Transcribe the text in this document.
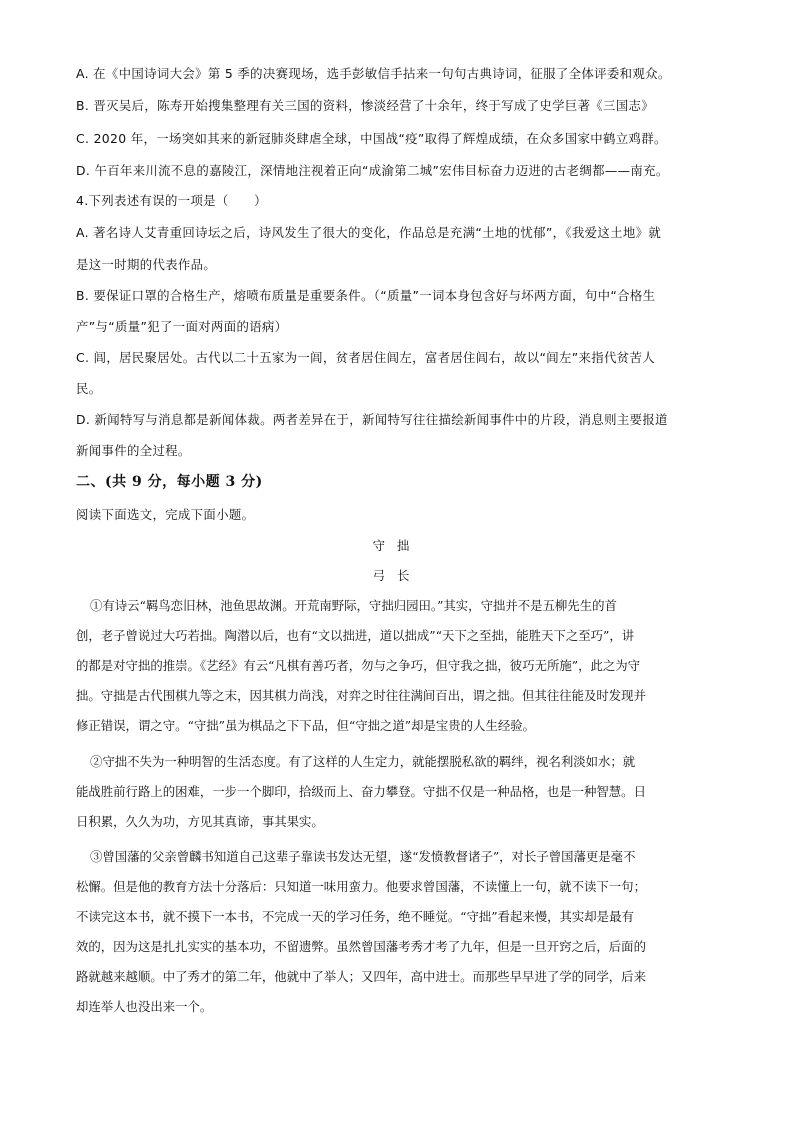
A. 在《中国诗词大会》第 5 季的决赛现场，选手彭敏信手拈来一句句古典诗词，征服了全体评委和观众。
B. 晋灭吴后，陈寿开始搜集整理有关三国的资料，惨淡经营了十余年，终于写成了史学巨著《三国志》
C. 2020 年，一场突如其来的新冠肺炎肆虐全球，中国战“疫”取得了辉煌成绩，在众多国家中鹤立鸡群。
D. 午百年来川流不息的嘉陵江，深情地注视着正向“成渝第二城”宏伟目标奋力迈进的古老绸都——南充。
4.下列表述有误的一项是（　　）
A. 著名诗人艾青重回诗坛之后，诗风发生了很大的变化，作品总是充满“土地的忧郁”，《我爱这土地》就
是这一时期的代表作品。
B. 要保证口罩的合格生产，熔喷布质量是重要条件。（“质量”一词本身包含好与坏两方面，句中“合格生
产”与“质量”犯了一面对两面的语病）
C. 闾，居民聚居处。古代以二十五家为一闾，贫者居住闾左，富者居住闾右，故以“闾左”来指代贫苦人
民。
D. 新闻特写与消息都是新闻体裁。两者差异在于，新闻特写往往描绘新闻事件中的片段，消息则主要报道
新闻事件的全过程。
二、(共 9 分，每小题 3 分)
阅读下面选文，完成下面小题。
守拙
弓长
①有诗云“羁鸟恋旧林，池鱼思故渊。开荒南野际，守拙归园田。”其实，守拙并不是五柳先生的首
创，老子曾说过大巧若拙。陶潜以后，也有“文以拙进，道以拙成”“天下之至拙，能胜天下之至巧”，讲
的都是对守拙的推崇。《艺经》有云“凡棋有善巧者，勿与之争巧，但守我之拙，彼巧无所施”，此之为守
拙。守拙是古代围棋九等之末，因其棋力尚浅，对弈之时往往满间百出，谓之拙。但其往往能及时发现并
修正错误，谓之守。“守拙”虽为棋品之下下品，但“守拙之道”却是宝贵的人生经验。
②守拙不失为一种明智的生活态度。有了这样的人生定力，就能摆脱私欲的羁绊，视名利淡如水；就
能战胜前行路上的困难，一步一个脚印，拾级而上、奋力攀登。守拙不仅是一种品格，也是一种智慧。日
日积累，久久为功，方见其真谛，事其果实。
③曾国藩的父亲曾麟书知道自己这辈子靠读书发达无望，遂“发愤教督诸子”，对长子曾国藩更是毫不
松懈。但是他的教育方法十分落后：只知道一味用蛮力。他要求曾国藩，不读懂上一句，就不读下一句；
不读完这本书，就不摸下一本书，不完成一天的学习任务，绝不睡觉。“守拙”看起来慢，其实却是最有
效的，因为这是扎扎实实的基本功，不留遗弊。虽然曾国藩考秀才考了九年，但是一旦开窍之后，后面的
路就越来越顺。中了秀才的第二年，他就中了举人；又四年，高中进士。而那些早早进了学的同学，后来
却连举人也没出来一个。
